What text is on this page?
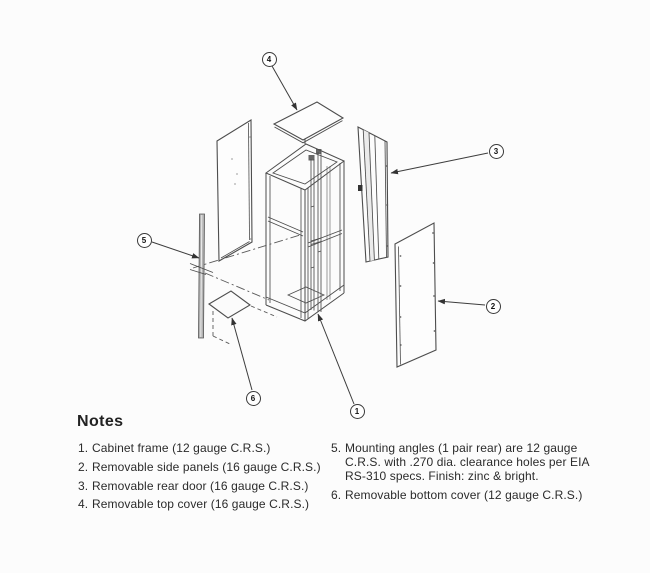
4
3
5
2
6
1
Notes
1. Cabinet frame (12 gauge C.R.S.)
2. Removable side panels (16 gauge C.R.S.)
3. Removable rear door (16 gauge C.R.S.)
4. Removable top cover (16 gauge C.R.S.)
5. Mounting angles (1 pair rear) are 12 gauge
C.R.S. with .270 dia. clearance holes per EIA
RS-310 specs. Finish: zinc & bright.
6. Removable bottom cover (12 gauge C.R.S.)
